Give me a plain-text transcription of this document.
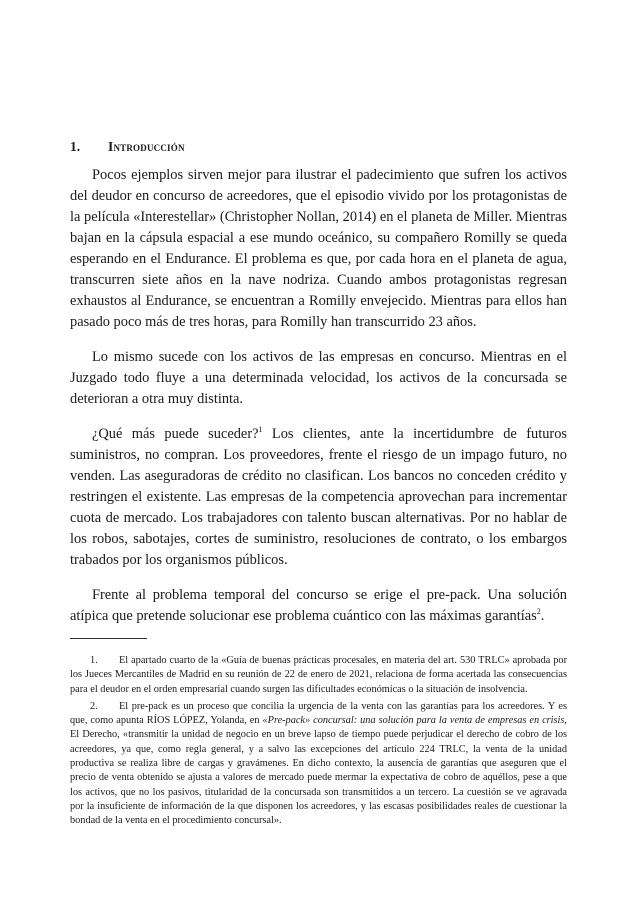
1. Introducción

Pocos ejemplos sirven mejor para ilustrar el padecimiento que sufren los activos del deudor en concurso de acreedores, que el episodio vivido por los protagonistas de la película «Interestellar» (Christopher Nollan, 2014) en el planeta de Miller. Mientras bajan en la cápsula espacial a ese mundo oceánico, su compañero Romilly se queda esperando en el Endurance. El problema es que, por cada hora en el planeta de agua, transcurren siete años en la nave nodriza. Cuando ambos protagonistas regresan exhaustos al Endurance, se encuentran a Romilly envejecido. Mientras para ellos han pasado poco más de tres horas, para Romilly han transcurrido 23 años.

Lo mismo sucede con los activos de las empresas en concurso. Mientras en el Juzgado todo fluye a una determinada velocidad, los activos de la concursada se deterioran a otra muy distinta.

¿Qué más puede suceder?$^1$ Los clientes, ante la incertidumbre de futuros suministros, no compran. Los proveedores, frente el riesgo de un impago futuro, no venden. Las aseguradoras de crédito no clasifican. Los bancos no conceden crédito y restringen el existente. Las empresas de la competencia aprovechan para incrementar cuota de mercado. Los trabajadores con talento buscan alternativas. Por no hablar de los robos, sabotajes, cortes de suministro, resoluciones de contrato, o los embargos trabados por los organismos públicos.

Frente al problema temporal del concurso se erige el pre-pack. Una solución atípica que pretende solucionar ese problema cuántico con las máximas garantías$^2$.

1. El apartado cuarto de la «Guía de buenas prácticas procesales, en materia del art. 530 TRLC» aprobada por los Jueces Mercantiles de Madrid en su reunión de 22 de enero de 2021, relaciona de forma acertada las consecuencias para el deudor en el orden empresarial cuando surgen las dificultades económicas o la situación de insolvencia.

2. El pre-pack es un proceso que concilia la urgencia de la venta con las garantías para los acreedores. Y es que, como apunta RÍOS LÓPEZ, Yolanda, en «Pre-pack» concursal: una solución para la venta de empresas en crisis, El Derecho, «transmitir la unidad de negocio en un breve lapso de tiempo puede perjudicar el derecho de cobro de los acreedores, ya que, como regla general, y a salvo las excepciones del artículo 224 TRLC, la venta de la unidad productiva se realiza libre de cargas y gravámenes. En dicho contexto, la ausencia de garantías que aseguren que el precio de venta obtenido se ajusta a valores de mercado puede mermar la expectativa de cobro de aquéllos, pese a que los activos, que no los pasivos, titularidad de la concursada son transmitidos a un tercero. La cuestión se ve agravada por la insuficiente de información de la que disponen los acreedores, y las escasas posibilidades reales de cuestionar la bondad de la venta en el procedimiento concursal».
